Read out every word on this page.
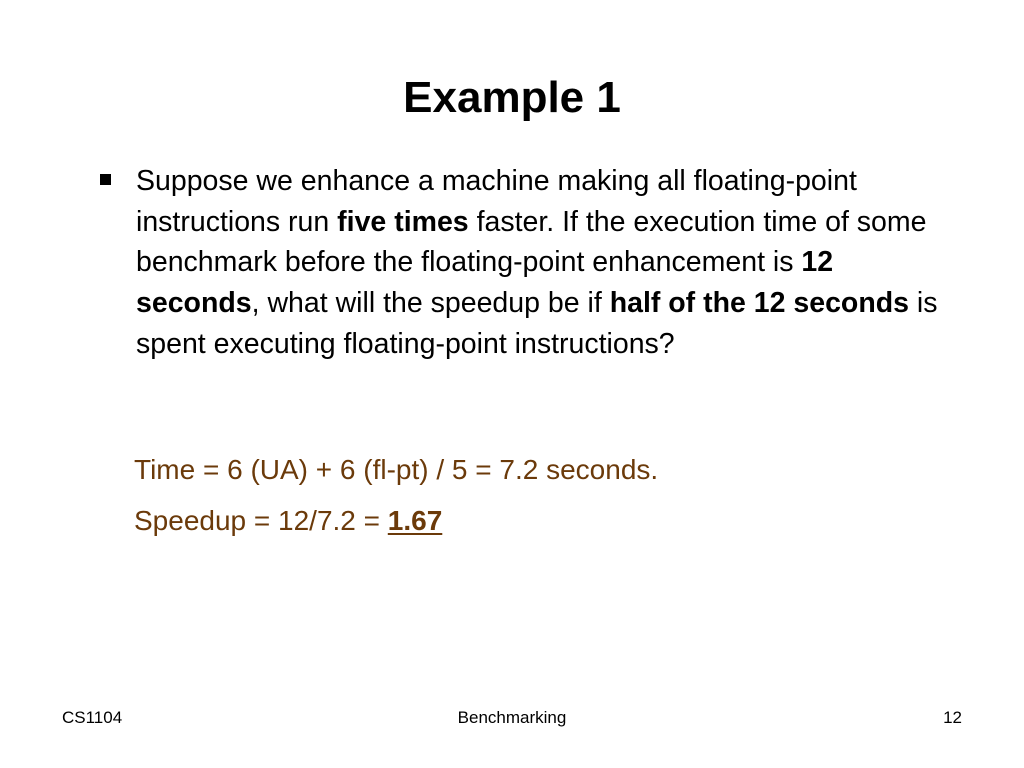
Example 1
Suppose we enhance a machine making all floating-point instructions run five times faster. If the execution time of some benchmark before the floating-point enhancement is 12 seconds, what will the speedup be if half of the 12 seconds is spent executing floating-point instructions?
Time = 6 (UA) + 6 (fl-pt) / 5 = 7.2 seconds.
Speedup = 12/7.2 = 1.67
CS1104	Benchmarking	12
